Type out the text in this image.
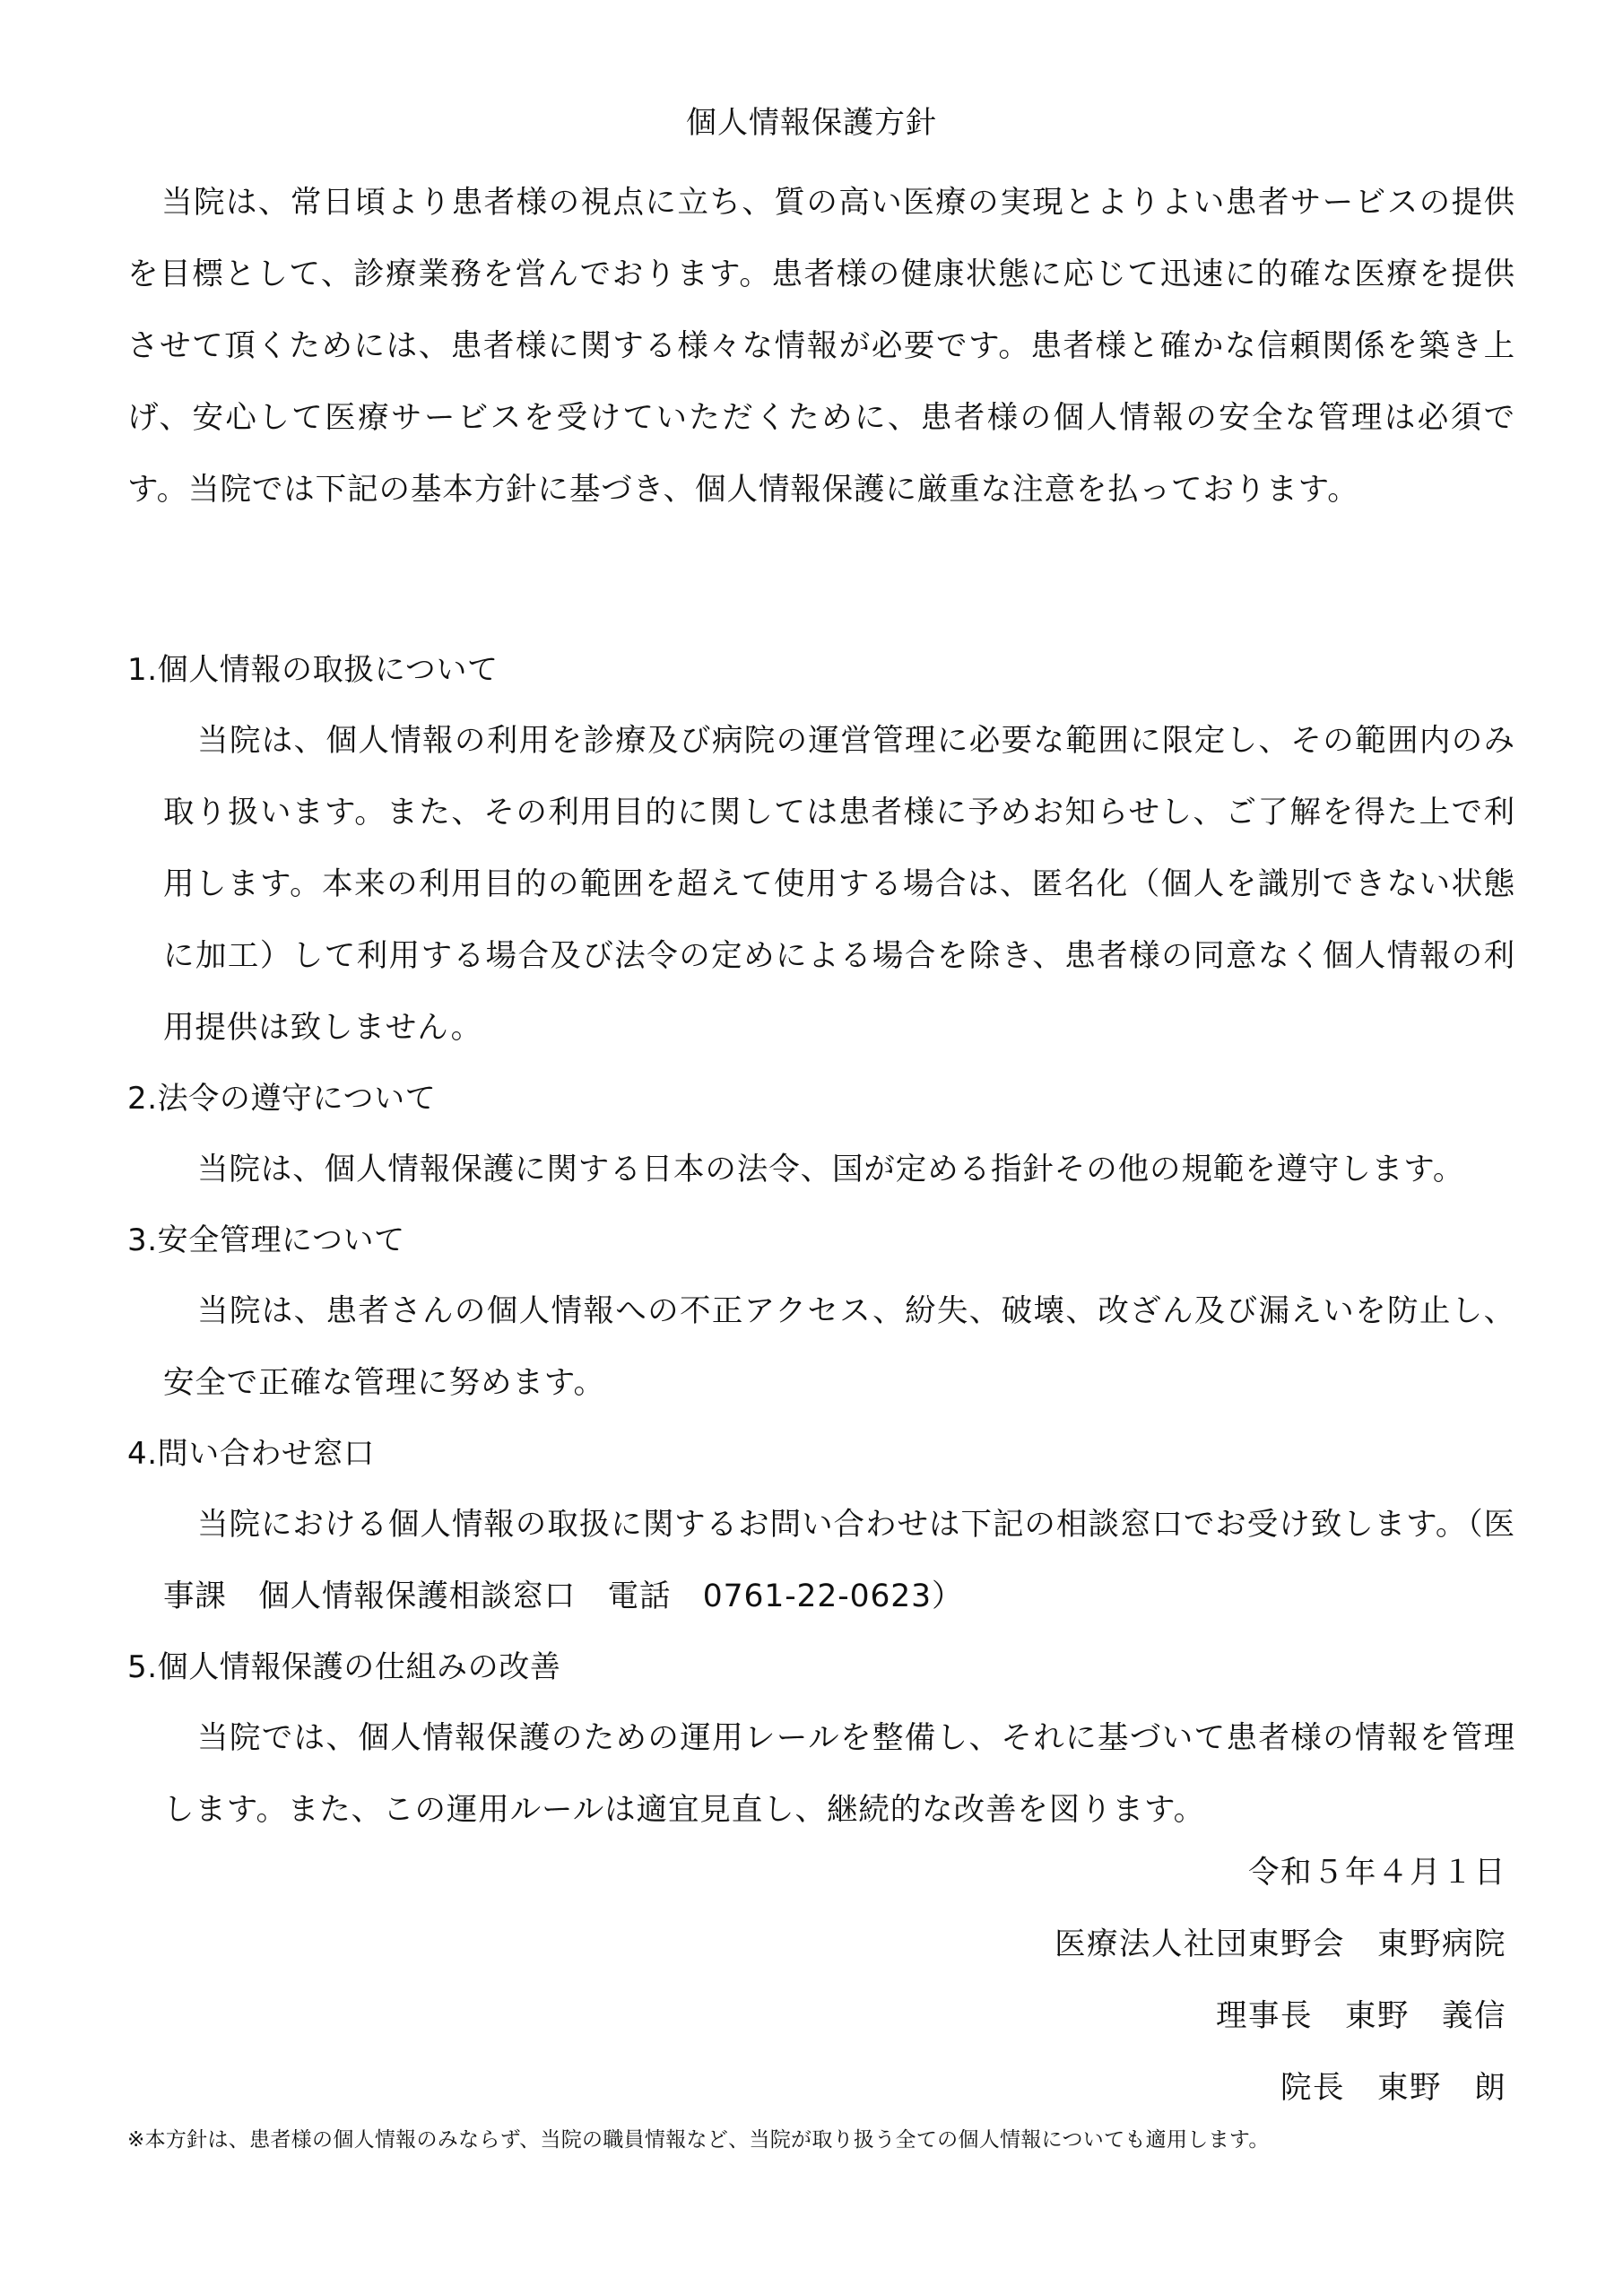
個人情報保護方針

当院は、常日頃より患者様の視点に立ち、質の高い医療の実現とよりよい患者サービスの提供を目標として、診療業務を営んでおります。患者様の健康状態に応じて迅速に的確な医療を提供させて頂くためには、患者様に関する様々な情報が必要です。患者様と確かな信頼関係を築き上げ、安心して医療サービスを受けていただくために、患者様の個人情報の安全な管理は必須です。当院では下記の基本方針に基づき、個人情報保護に厳重な注意を払っております。

1.個人情報の取扱について

当院は、個人情報の利用を診療及び病院の運営管理に必要な範囲に限定し、その範囲内のみ取り扱います。また、その利用目的に関しては患者様に予めお知らせし、ご了解を得た上で利用します。本来の利用目的の範囲を超えて使用する場合は、匿名化（個人を識別できない状態に加工）して利用する場合及び法令の定めによる場合を除き、患者様の同意なく個人情報の利用提供は致しません。

2.法令の遵守について

当院は、個人情報保護に関する日本の法令、国が定める指針その他の規範を遵守します。

3.安全管理について

当院は、患者さんの個人情報への不正アクセス、紛失、破壊、改ざん及び漏えいを防止し、安全で正確な管理に努めます。

4.問い合わせ窓口

当院における個人情報の取扱に関するお問い合わせは下記の相談窓口でお受け致します。（医事課　個人情報保護相談窓口　電話　0761-22-0623）

5.個人情報保護の仕組みの改善

当院では、個人情報保護のための運用レールを整備し、それに基づいて患者様の情報を管理します。また、この運用ルールは適宜見直し、継続的な改善を図ります。

令和５年４月１日
医療法人社団東野会　東野病院
理事長　東野　義信
院長　東野　朗
※本方針は、患者様の個人情報のみならず、当院の職員情報など、当院が取り扱う全ての個人情報についても適用します。
